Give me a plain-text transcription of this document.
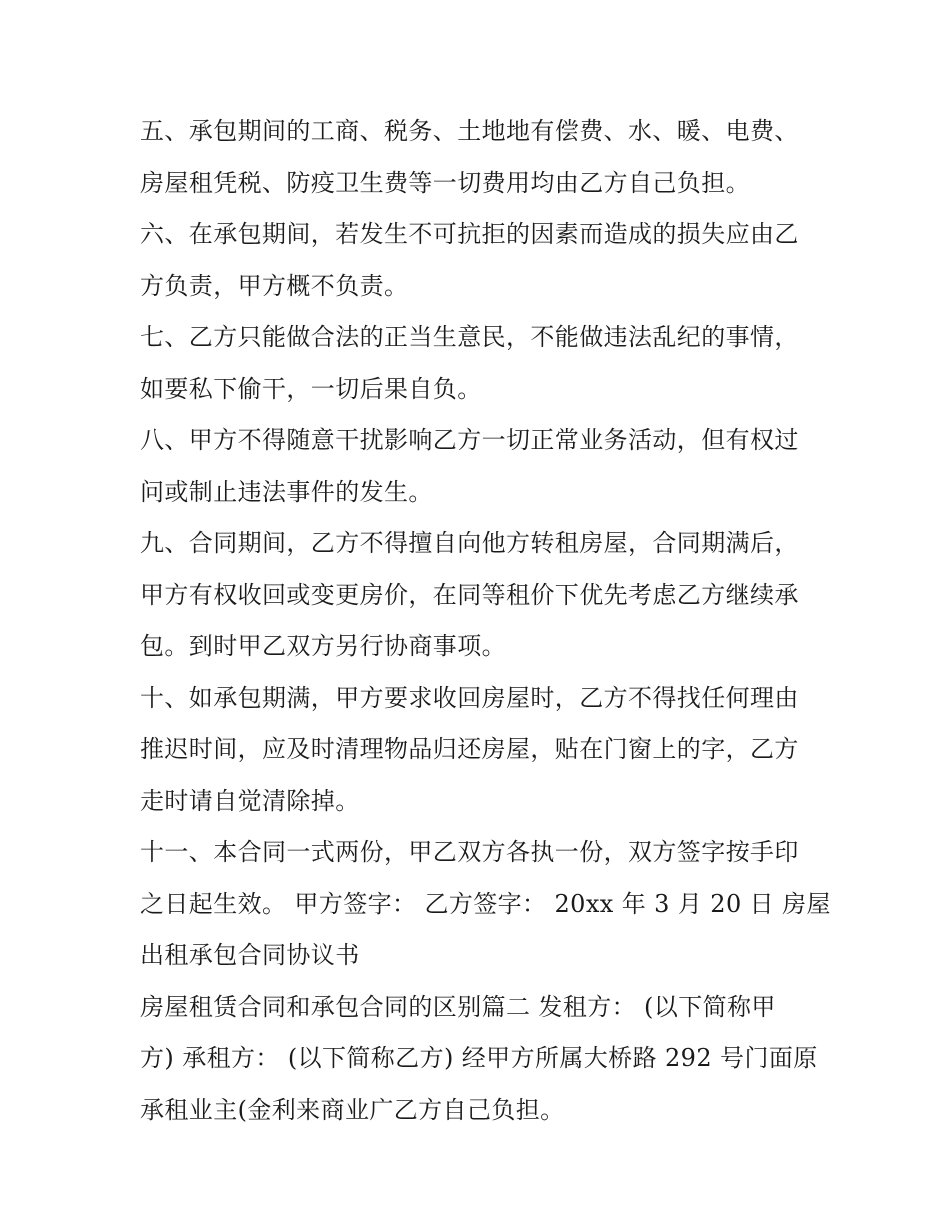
五、承包期间的工商、税务、土地地有偿费、水、暖、电费、
房屋租凭税、防疫卫生费等一切费用均由乙方自己负担。
六、在承包期间，若发生不可抗拒的因素而造成的损失应由乙
方负责，甲方概不负责。
七、乙方只能做合法的正当生意民，不能做违法乱纪的事情，
如要私下偷干，一切后果自负。
八、甲方不得随意干扰影响乙方一切正常业务活动，但有权过
问或制止违法事件的发生。
九、合同期间，乙方不得擅自向他方转租房屋，合同期满后，
甲方有权收回或变更房价，在同等租价下优先考虑乙方继续承
包。到时甲乙双方另行协商事项。
十、如承包期满，甲方要求收回房屋时，乙方不得找任何理由
推迟时间，应及时清理物品归还房屋，贴在门窗上的字，乙方
走时请自觉清除掉。
十一、本合同一式两份，甲乙双方各执一份，双方签字按手印
之日起生效。 甲方签字： 乙方签字： 20xx 年 3 月 20 日 房屋
出租承包合同协议书
房屋租赁合同和承包合同的区别篇二 发租方： (以下简称甲
方) 承租方： (以下简称乙方) 经甲方所属大桥路 292 号门面原
承租业主(金利来商业广乙方自己负担。
